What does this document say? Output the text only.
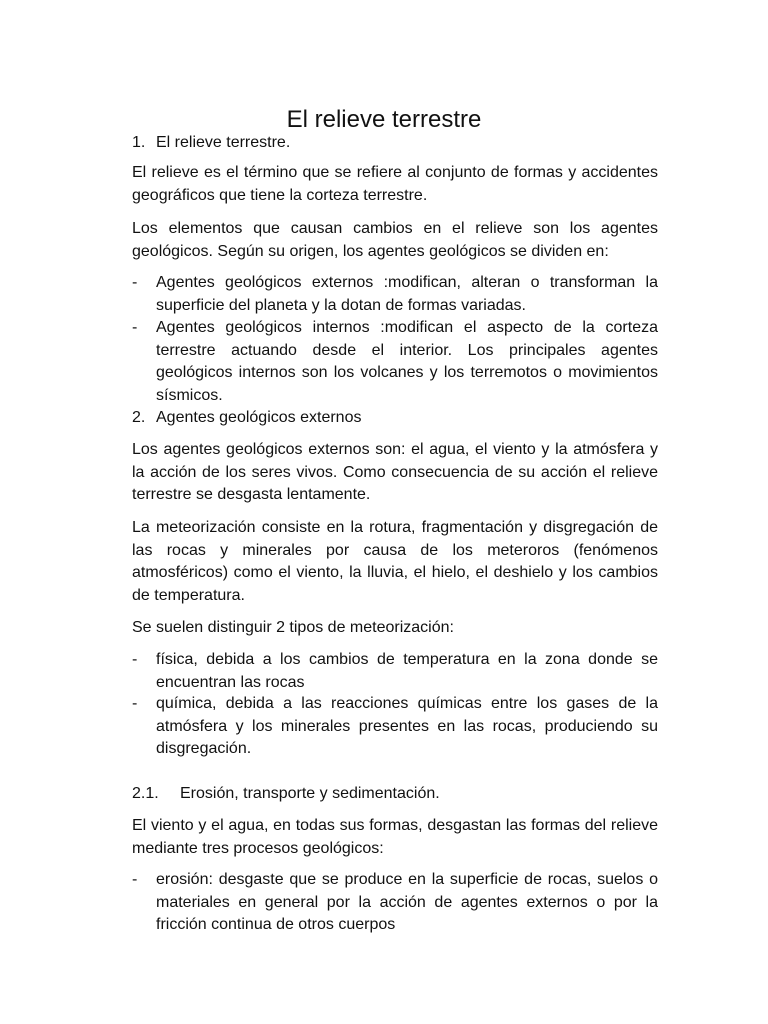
El relieve terrestre

1. El relieve terrestre.

El relieve es el término que se refiere al conjunto de formas y accidentes geográficos que tiene la corteza terrestre.

Los elementos que causan cambios en el relieve son los agentes geológicos. Según su origen, los agentes geológicos se dividen en:

-	Agentes geológicos externos :modifican, alteran o transforman la superficie del planeta y la dotan de formas variadas.
-	Agentes geológicos internos :modifican el aspecto de la corteza terrestre actuando desde el interior. Los principales agentes geológicos internos son los volcanes y los terremotos o movimientos sísmicos.

2. Agentes geológicos externos

Los agentes geológicos externos son: el agua, el viento y la atmósfera y la acción de los seres vivos. Como consecuencia de su acción el relieve terrestre se desgasta lentamente.

La meteorización consiste en la rotura, fragmentación y disgregación de las rocas y minerales por causa de los meteroros (fenómenos atmosféricos) como el viento, la lluvia, el hielo, el deshielo y los cambios de temperatura.

Se suelen distinguir 2 tipos de meteorización:

-	física, debida a los cambios de temperatura en la zona donde se encuentran las rocas
-	química, debida a las reacciones químicas entre los gases de la atmósfera y los minerales presentes en las rocas, produciendo su disgregación.

2.1. Erosión, transporte y sedimentación.

El viento y el agua, en todas sus formas, desgastan las formas del relieve mediante tres procesos geológicos:

-	erosión: desgaste que se produce en la superficie de rocas, suelos o materiales en general por la acción de agentes externos o por la fricción continua de otros cuerpos
